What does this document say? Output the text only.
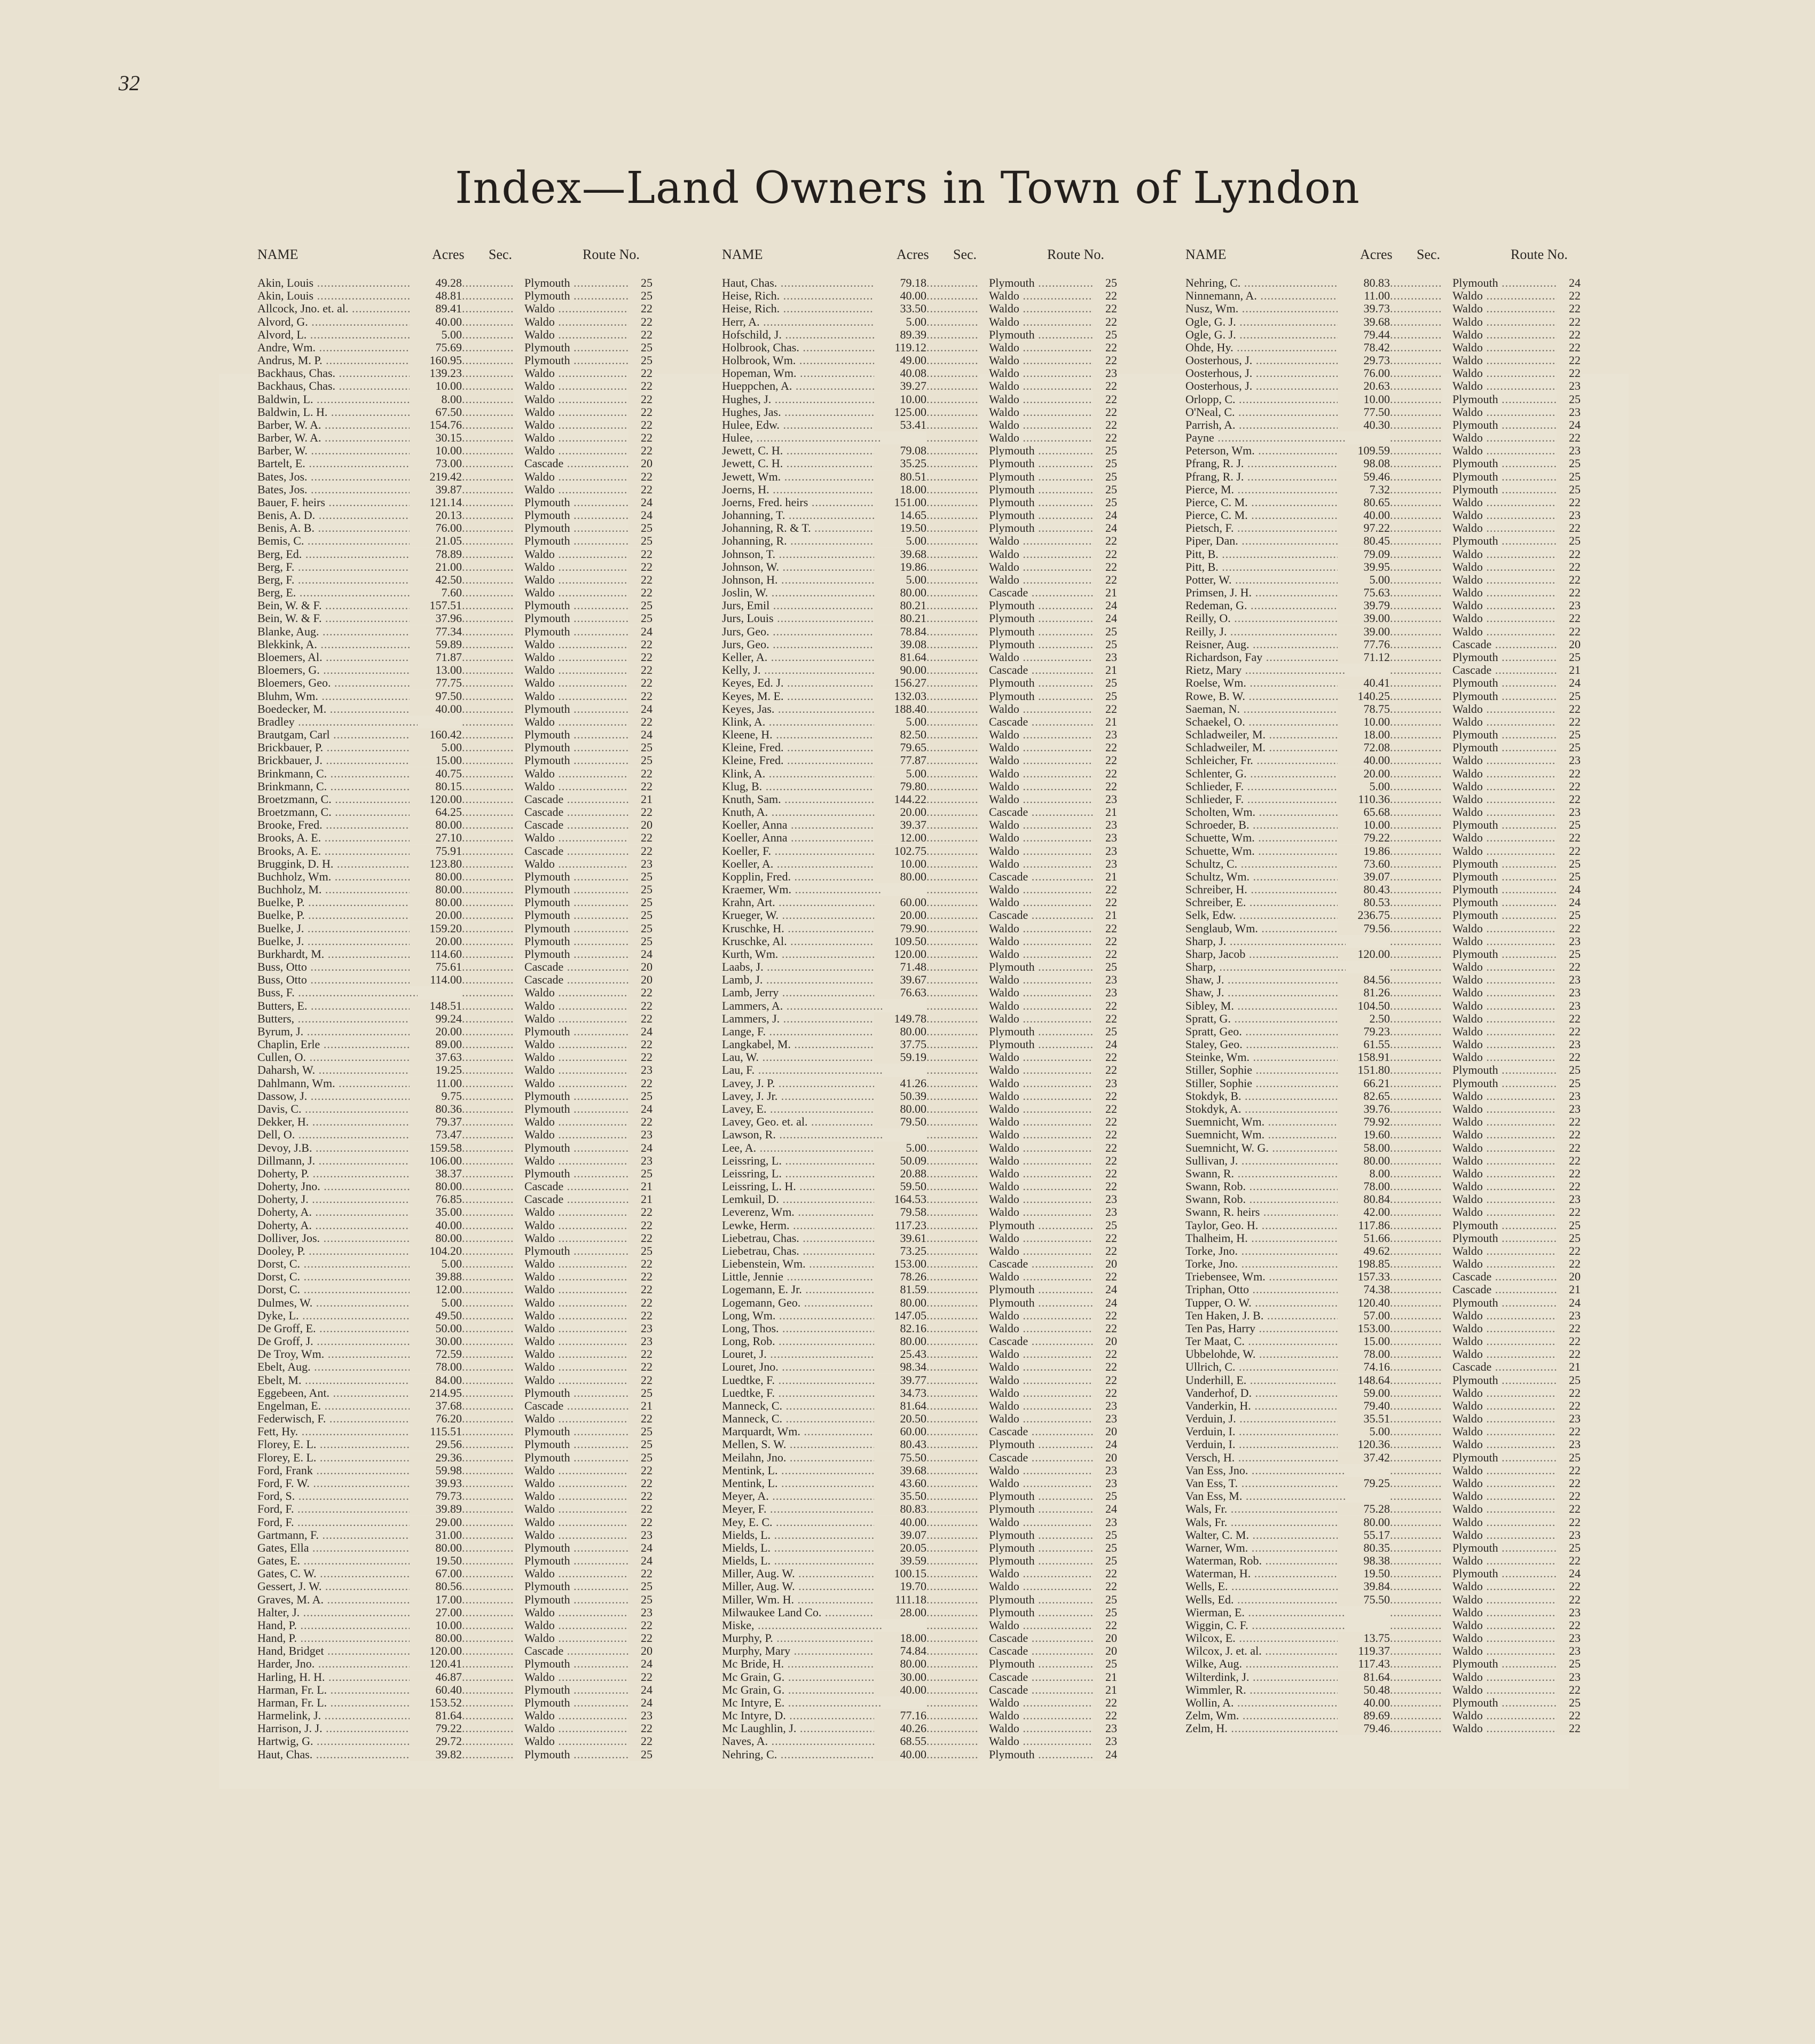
32
Index—Land Owners in Town of Lyndon
NAME	Acres Sec.	Route No.
Akin, Louis .....	49.28 .....	Plymouth .....	25
Akin, Louis .....	48.81 .....	Plymouth .....	25
Allcock, Jno. et. al. .....	89.41 .....	Waldo .....	22
Alvord, G. .....	40.00 .....	Waldo .....	22
Alvord, L. .....	5.00 .....	Waldo .....	22
Andre, Wm. .....	75.69 .....	Plymouth .....	25
Andrus, M. P. .....	160.95 .....	Plymouth .....	25
Backhaus, Chas. .....	139.23 .....	Waldo .....	22
Backhaus, Chas. .....	10.00 .....	Waldo .....	22
Baldwin, L. .....	8.00 .....	Waldo .....	22
Baldwin, L. H. .....	67.50 .....	Waldo .....	22
Barber, W. A. .....	154.76 .....	Waldo .....	22
Barber, W. A. .....	30.15 .....	Waldo .....	22
Barber, W. .....	10.00 .....	Waldo .....	22
Bartelt, E. .....	73.00 .....	Cascade .....	20
Bates, Jos. .....	219.42 .....	Waldo .....	22
Bates, Jos. .....	39.87 .....	Waldo .....	22
Bauer, F. heirs .....	121.14 .....	Plymouth .....	24
Benis, A. D. .....	20.13 .....	Plymouth .....	24
Benis, A. B. .....	76.00 .....	Plymouth .....	25
Bemis, C. .....	21.05 .....	Plymouth .....	25
Berg, Ed. .....	78.89 .....	Waldo .....	22
Berg, F. .....	21.00 .....	Waldo .....	22
Berg, F. .....	42.50 .....	Waldo .....	22
Berg, E. .....	7.60 .....	Waldo .....	22
Bein, W. & F. .....	157.51 .....	Plymouth .....	25
Bein, W. & F. .....	37.96 .....	Plymouth .....	25
Blanke, Aug. .....	77.34 .....	Plymouth .....	24
Blekkink, A. .....	59.89 .....	Waldo .....	22
Bloemers, Al. .....	71.87 .....	Waldo .....	22
Bloemers, G. .....	13.00 .....	Waldo .....	22
Bloemers, Geo. .....	77.75 .....	Waldo .....	22
Bluhm, Wm. .....	97.50 .....	Waldo .....	22
Boedecker, M. .....	40.00 .....	Plymouth .....	24
Bradley ..... .....	Waldo .....	22
Brautgam, Carl .....	160.42 .....	Plymouth .....	24
Brickbauer, P. .....	5.00 .....	Plymouth .....	25
Brickbauer, J. .....	15.00 .....	Plymouth .....	25
Brinkmann, C. .....	40.75 .....	Waldo .....	22
Brinkmann, C. .....	80.15 .....	Waldo .....	22
Broetzmann, C. .....	120.00 .....	Cascade .....	21
Broetzmann, C. .....	64.25 .....	Cascade .....	22
Brooke, Fred. .....	80.00 .....	Cascade .....	20
Brooks, A. E. .....	27.10 .....	Waldo .....	22
Brooks, A. E. .....	75.91 .....	Cascade .....	22
Bruggink, D. H. .....	123.80 .....	Waldo .....	23
Buchholz, Wm. .....	80.00 .....	Plymouth .....	25
Buchholz, M. .....	80.00 .....	Plymouth .....	25
Buelke, P. .....	80.00 .....	Plymouth .....	25
Buelke, P. .....	20.00 .....	Plymouth .....	25
Buelke, J. .....	159.20 .....	Plymouth .....	25
Buelke, J. .....	20.00 .....	Plymouth .....	25
Burkhardt, M. .....	114.60 .....	Plymouth .....	24
Buss, Otto .....	75.61 .....	Cascade .....	20
Buss, Otto .....	114.00 .....	Cascade .....	20
Buss, F. ..... .....	Waldo .....	22
Butters, E. .....	148.51 .....	Waldo .....	22
Butters, .....	99.24 .....	Waldo .....	22
Byrum, J. .....	20.00 .....	Plymouth .....	24
Chaplin, Erle .....	89.00 .....	Waldo .....	22
Cullen, O. .....	37.63 .....	Waldo .....	22
Daharsh, W. .....	19.25 .....	Waldo .....	23
Dahlmann, Wm. .....	11.00 .....	Waldo .....	22
Dassow, J. .....	9.75 .....	Plymouth .....	25
Davis, C. .....	80.36 .....	Plymouth .....	24
Dekker, H. .....	79.37 .....	Waldo .....	22
Dell, O. .....	73.47 .....	Waldo .....	23
Devoy, J.B. .....	159.58 .....	Plymouth .....	24
Dillmann, J. .....	106.00 .....	Waldo .....	23
Doherty, P. .....	38.37 .....	Plymouth .....	25
Doherty, Jno. .....	80.00 .....	Cascade .....	21
Doherty, J. .....	76.85 .....	Cascade .....	21
Doherty, A. .....	35.00 .....	Waldo .....	22
Doherty, A. .....	40.00 .....	Waldo .....	22
Dolliver, Jos. .....	80.00 .....	Waldo .....	22
Dooley, P. .....	104.20 .....	Plymouth .....	25
Dorst, C. .....	5.00 .....	Waldo .....	22
Dorst, C. .....	39.88 .....	Waldo .....	22
Dorst, C. .....	12.00 .....	Waldo .....	22
Dulmes, W. .....	5.00 .....	Waldo .....	22
Dyke, L. .....	49.50 .....	Waldo .....	22
De Groff, E. .....	50.00 .....	Waldo .....	23
De Groff, J. .....	30.00 .....	Waldo .....	23
De Troy, Wm. .....	72.59 .....	Waldo .....	22
Ebelt, Aug. .....	78.00 .....	Waldo .....	22
Ebelt, M. .....	84.00 .....	Waldo .....	22
Eggebeen, Ant. .....	214.95 .....	Plymouth .....	25
Engelman, E. .....	37.68 .....	Cascade .....	21
Federwisch, F. .....	76.20 .....	Waldo .....	22
Fett, Hy. .....	115.51 .....	Plymouth .....	25
Florey, E. L. .....	29.56 .....	Plymouth .....	25
Florey, E. L. .....	29.36 .....	Plymouth .....	25
Ford, Frank .....	59.98 .....	Waldo .....	22
Ford, F. W. .....	39.93 .....	Waldo .....	22
Ford, S. .....	79.73 .....	Waldo .....	22
Ford, F. .....	39.89 .....	Waldo .....	22
Ford, F. .....	29.00 .....	Waldo .....	22
Gartmann, F. .....	31.00 .....	Waldo .....	23
Gates, Ella .....	80.00 .....	Plymouth .....	24
Gates, E. .....	19.50 .....	Plymouth .....	24
Gates, C. W. .....	67.00 .....	Waldo .....	22
Gessert, J. W. .....	80.56 .....	Plymouth .....	25
Graves, M. A. .....	17.00 .....	Plymouth .....	25
Halter, J. .....	27.00 .....	Waldo .....	23
Hand, P. .....	10.00 .....	Waldo .....	22
Hand, P. .....	80.00 .....	Waldo .....	22
Hand, Bridget .....	120.00 .....	Cascade .....	20
Harder, Jno. .....	120.41 .....	Plymouth .....	24
Harling, H. H. .....	46.87 .....	Waldo .....	22
Harman, Fr. L. .....	60.40 .....	Plymouth .....	24
Harman, Fr. L. .....	153.52 .....	Plymouth .....	24
Harmelink, J. .....	81.64 .....	Waldo .....	23
Harrison, J. J. .....	79.22 .....	Waldo .....	22
Hartwig, G. .....	29.72 .....	Waldo .....	22
Haut, Chas. .....	39.82 .....	Plymouth .....	25
NAME	Acres Sec.	Route No.
Haut, Chas. .....	79.18 .....	Plymouth .....	25
Heise, Rich. .....	40.00 .....	Waldo .....	22
Heise, Rich. .....	33.50 .....	Waldo .....	22
Herr, A. .....	5.00 .....	Waldo .....	22
Hofschild, J. .....	89.39 .....	Plymouth .....	25
Holbrook, Chas. .....	119.12 .....	Waldo .....	22
Holbrook, Wm. .....	49.00 .....	Waldo .....	22
Hopeman, Wm. .....	40.08 .....	Waldo .....	23
Hueppchen, A. .....	39.27 .....	Waldo .....	22
Hughes, J. .....	10.00 .....	Waldo .....	22
Hughes, Jas. .....	125.00 .....	Waldo .....	22
Hulee, Edw. .....	53.41 .....	Waldo .....	22
Hulee, ..... .....	Waldo .....	22
Jewett, C. H. .....	79.08 .....	Plymouth .....	25
Jewett, C. H. .....	35.25 .....	Plymouth .....	25
Jewett, Wm. .....	80.51 .....	Plymouth .....	25
Joerns, H. .....	18.00 .....	Plymouth .....	25
Joerns, Fred. heirs .....	151.00 .....	Plymouth .....	25
Johanning, T. .....	14.65 .....	Plymouth .....	24
Johanning, R. & T. .....	19.50 .....	Plymouth .....	24
Johanning, R. .....	5.00 .....	Waldo .....	22
Johnson, T. .....	39.68 .....	Waldo .....	22
Johnson, W. .....	19.86 .....	Waldo .....	22
Johnson, H. .....	5.00 .....	Waldo .....	22
Joslin, W. .....	80.00 .....	Cascade .....	21
Jurs, Emil .....	80.21 .....	Plymouth .....	24
Jurs, Louis .....	80.21 .....	Plymouth .....	24
Jurs, Geo. .....	78.84 .....	Plymouth .....	25
Jurs, Geo. .....	39.08 .....	Plymouth .....	25
Keller, A. .....	81.64 .....	Waldo .....	23
Kelly, J. .....	90.00 .....	Cascade .....	21
Keyes, Ed. J. .....	156.27 .....	Plymouth .....	25
Keyes, M. E. .....	132.03 .....	Plymouth .....	25
Keyes, Jas. .....	188.40 .....	Waldo .....	22
Klink, A. .....	5.00 .....	Cascade .....	21
Kleene, H. .....	82.50 .....	Waldo .....	23
Kleine, Fred. .....	79.65 .....	Waldo .....	22
Kleine, Fred. .....	77.87 .....	Waldo .....	22
Klink, A. .....	5.00 .....	Waldo .....	22
Klug, B. .....	79.80 .....	Waldo .....	22
Knuth, Sam. .....	144.22 .....	Waldo .....	23
Knuth, A. .....	20.00 .....	Cascade .....	21
Koeller, Anna .....	39.37 .....	Waldo .....	23
Koeller, Anna .....	12.00 .....	Waldo .....	23
Koeller, F. .....	102.75 .....	Waldo .....	23
Koeller, A. .....	10.00 .....	Waldo .....	23
Kopplin, Fred. .....	80.00 .....	Cascade .....	21
Kraemer, Wm. ..... .....	Waldo .....	22
Krahn, Art. .....	60.00 .....	Waldo .....	22
Krueger, W. .....	20.00 .....	Cascade .....	21
Kruschke, H. .....	79.90 .....	Waldo .....	22
Kruschke, Al. .....	109.50 .....	Waldo .....	22
Kurth, Wm. .....	120.00 .....	Waldo .....	22
Laabs, J. .....	71.48 .....	Plymouth .....	25
Lamb, J. .....	39.67 .....	Waldo .....	23
Lamb, Jerry .....	76.63 .....	Waldo .....	23
Lammers, A. ..... .....	Waldo .....	22
Lammers, J. .....	149.78 .....	Waldo .....	22
Lange, F. .....	80.00 .....	Plymouth .....	25
Langkabel, M. .....	37.75 .....	Plymouth .....	24
Lau, W. .....	59.19 .....	Waldo .....	22
Lau, F. ..... .....	Waldo .....	22
Lavey, J. P. .....	41.26 .....	Waldo .....	23
Lavey, J. Jr. .....	50.39 .....	Waldo .....	22
Lavey, E. .....	80.00 .....	Waldo .....	22
Lavey, Geo. et. al. .....	79.50 .....	Waldo .....	22
Lawson, R. ..... .....	Waldo .....	22
Lee, A. .....	5.00 .....	Waldo .....	22
Leissring, L. .....	50.09 .....	Waldo .....	22
Leissring, L. .....	20.88 .....	Waldo .....	22
Leissring, L. H. .....	59.50 .....	Waldo .....	22
Lemkuil, D. .....	164.53 .....	Waldo .....	23
Leverenz, Wm. .....	79.58 .....	Waldo .....	23
Lewke, Herm. .....	117.23 .....	Plymouth .....	25
Liebetrau, Chas. .....	39.61 .....	Waldo .....	22
Liebetrau, Chas. .....	73.25 .....	Waldo .....	22
Liebenstein, Wm. .....	153.00 .....	Cascade .....	20
Little, Jennie .....	78.26 .....	Waldo .....	22
Logemann, E. Jr. .....	81.59 .....	Plymouth .....	24
Logemann, Geo. .....	80.00 .....	Plymouth .....	24
Long, Wm. .....	147.05 .....	Waldo .....	22
Long, Thos. .....	82.16 .....	Waldo .....	22
Long, Rob. .....	80.00 .....	Cascade .....	20
Louret, J. .....	25.43 .....	Waldo .....	22
Louret, Jno. .....	98.34 .....	Waldo .....	22
Luedtke, F. .....	39.77 .....	Waldo .....	22
Luedtke, F. .....	34.73 .....	Waldo .....	22
Manneck, C. .....	81.64 .....	Waldo .....	23
Manneck, C. .....	20.50 .....	Waldo .....	23
Marquardt, Wm. .....	60.00 .....	Cascade .....	20
Mellen, S. W. .....	80.43 .....	Plymouth .....	24
Meilahn, Jno. .....	75.50 .....	Cascade .....	20
Mentink, L. .....	39.68 .....	Waldo .....	23
Mentink, L. .....	43.60 .....	Waldo .....	23
Meyer, A. .....	35.50 .....	Plymouth .....	25
Meyer, F. .....	80.83 .....	Plymouth .....	24
Mey, E. C. .....	40.00 .....	Waldo .....	23
Mields, L. .....	39.07 .....	Plymouth .....	25
Mields, L. .....	20.05 .....	Plymouth .....	25
Mields, L. .....	39.59 .....	Plymouth .....	25
Miller, Aug. W. .....	100.15 .....	Waldo .....	22
Miller, Aug. W. .....	19.70 .....	Waldo .....	22
Miller, Wm. H. .....	111.18 .....	Plymouth .....	25
Milwaukee Land Co. .....	28.00 .....	Plymouth .....	25
Miske, ..... .....	Waldo .....	22
Murphy, P. .....	18.00 .....	Cascade .....	20
Murphy, Mary .....	74.84 .....	Cascade .....	20
Mc Bride, H. .....	80.00 .....	Plymouth .....	25
Mc Grain, G. .....	30.00 .....	Cascade .....	21
Mc Grain, G. .....	40.00 .....	Cascade .....	21
Mc Intyre, E. ..... .....	Waldo .....	22
Mc Intyre, D. .....	77.16 .....	Waldo .....	22
Mc Laughlin, J. .....	40.26 .....	Waldo .....	23
Naves, A. .....	68.55 .....	Waldo .....	23
Nehring, C. .....	40.00 .....	Plymouth .....	24
NAME	Acres Sec.	Route No.
Nehring, C. .....	80.83 .....	Plymouth .....	24
Ninnemann, A. .....	11.00 .....	Waldo .....	22
Nusz, Wm. .....	39.73 .....	Waldo .....	22
Ogle, G. J. .....	39.68 .....	Waldo .....	22
Ogle, G. J. .....	79.44 .....	Waldo .....	22
Ohde, Hy. .....	78.42 .....	Waldo .....	22
Oosterhous, J. .....	29.73 .....	Waldo .....	22
Oosterhous, J. .....	76.00 .....	Waldo .....	22
Oosterhous, J. .....	20.63 .....	Waldo .....	23
Orlopp, C. .....	10.00 .....	Plymouth .....	25
O'Neal, C. .....	77.50 .....	Waldo .....	23
Parrish, A. .....	40.30 .....	Plymouth .....	24
Payne ..... .....	Waldo .....	22
Peterson, Wm. .....	109.59 .....	Waldo .....	23
Pfrang, R. J. .....	98.08 .....	Plymouth .....	25
Pfrang, R. J. .....	59.46 .....	Plymouth .....	25
Pierce, M. .....	7.32 .....	Plymouth .....	25
Pierce, C. M. .....	80.65 .....	Waldo .....	22
Pierce, C. M. .....	40.00 .....	Waldo .....	23
Pietsch, F. .....	97.22 .....	Waldo .....	22
Piper, Dan. .....	80.45 .....	Plymouth .....	25
Pitt, B. .....	79.09 .....	Waldo .....	22
Pitt, B. .....	39.95 .....	Waldo .....	22
Potter, W. .....	5.00 .....	Waldo .....	22
Primsen, J. H. .....	75.63 .....	Waldo .....	22
Redeman, G. .....	39.79 .....	Waldo .....	23
Reilly, O. .....	39.00 .....	Waldo .....	22
Reilly, J. .....	39.00 .....	Waldo .....	22
Reisner, Aug. .....	77.76 .....	Cascade .....	20
Richardson, Fay .....	71.12 .....	Plymouth .....	25
Rietz, Mary ..... .....	Cascade .....	21
Roelse, Wm. .....	40.41 .....	Plymouth .....	24
Rowe, B. W. .....	140.25 .....	Plymouth .....	25
Saeman, N. .....	78.75 .....	Waldo .....	22
Schaekel, O. .....	10.00 .....	Waldo .....	22
Schladweiler, M. .....	18.00 .....	Plymouth .....	25
Schladweiler, M. .....	72.08 .....	Plymouth .....	25
Schleicher, Fr. .....	40.00 .....	Waldo .....	23
Schlenter, G. .....	20.00 .....	Waldo .....	22
Schlieder, F. .....	5.00 .....	Waldo .....	22
Schlieder, F. .....	110.36 .....	Waldo .....	22
Scholten, Wm. .....	65.68 .....	Waldo .....	23
Schroeder, B. .....	10.00 .....	Plymouth .....	25
Schuette, Wm. .....	79.22 .....	Waldo .....	22
Schuette, Wm. .....	19.86 .....	Waldo .....	22
Schultz, C. .....	73.60 .....	Plymouth .....	25
Schultz, Wm. .....	39.07 .....	Plymouth .....	25
Schreiber, H. .....	80.43 .....	Plymouth .....	24
Schreiber, E. .....	80.53 .....	Plymouth .....	24
Selk, Edw. .....	236.75 .....	Plymouth .....	25
Senglaub, Wm. .....	79.56 .....	Waldo .....	22
Sharp, J. ..... .....	Waldo .....	23
Sharp, Jacob .....	120.00 .....	Plymouth .....	25
Sharp, ..... .....	Waldo .....	22
Shaw, J. .....	84.56 .....	Waldo .....	23
Shaw, J. .....	81.26 .....	Waldo .....	23
Sibley, M. .....	104.50 .....	Waldo .....	23
Spratt, G. .....	2.50 .....	Waldo .....	22
Spratt, Geo. .....	79.23 .....	Waldo .....	22
Staley, Geo. .....	61.55 .....	Waldo .....	23
Steinke, Wm. .....	158.91 .....	Waldo .....	22
Stiller, Sophie .....	151.80 .....	Plymouth .....	25
Stiller, Sophie .....	66.21 .....	Plymouth .....	25
Stokdyk, B. .....	82.65 .....	Waldo .....	23
Stokdyk, A. .....	39.76 .....	Waldo .....	23
Suemnicht, Wm. .....	79.92 .....	Waldo .....	22
Suemnicht, Wm. .....	19.60 .....	Waldo .....	22
Suemnicht, W. G. .....	58.00 .....	Waldo .....	22
Sullivan, J. .....	80.00 .....	Waldo .....	22
Swann, R. .....	8.00 .....	Waldo .....	22
Swann, Rob. .....	78.00 .....	Waldo .....	22
Swann, Rob. .....	80.84 .....	Waldo .....	23
Swann, R. heirs .....	42.00 .....	Waldo .....	22
Taylor, Geo. H. .....	117.86 .....	Plymouth .....	25
Thalheim, H. .....	51.66 .....	Plymouth .....	25
Torke, Jno. .....	49.62 .....	Waldo .....	22
Torke, Jno. .....	198.85 .....	Waldo .....	22
Triebensee, Wm. .....	157.33 .....	Cascade .....	20
Triphan, Otto .....	74.38 .....	Cascade .....	21
Tupper, O. W. .....	120.40 .....	Plymouth .....	24
Ten Haken, J. B. .....	57.00 .....	Waldo .....	23
Ten Pas, Harry .....	153.00 .....	Waldo .....	22
Ter Maat, C. .....	15.00 .....	Waldo .....	22
Ubbelohde, W. .....	78.00 .....	Waldo .....	22
Ullrich, C. .....	74.16 .....	Cascade .....	21
Underhill, E. .....	148.64 .....	Plymouth .....	25
Vanderhof, D. .....	59.00 .....	Waldo .....	22
Vanderkin, H. .....	79.40 .....	Waldo .....	22
Verduin, J. .....	35.51 .....	Waldo .....	23
Verduin, I. .....	5.00 .....	Waldo .....	22
Verduin, I. .....	120.36 .....	Waldo .....	23
Versch, H. .....	37.42 .....	Plymouth .....	25
Van Ess, Jno. ..... .....	Waldo .....	22
Van Ess, T. .....	79.25 .....	Waldo .....	22
Van Ess, M. ..... .....	Waldo .....	22
Wals, Fr. .....	75.28 .....	Waldo .....	22
Wals, Fr. .....	80.00 .....	Waldo .....	22
Walter, C. M. .....	55.17 .....	Waldo .....	23
Warner, Wm. .....	80.35 .....	Plymouth .....	25
Waterman, Rob. .....	98.38 .....	Waldo .....	22
Waterman, H. .....	19.50 .....	Plymouth .....	24
Wells, E. .....	39.84 .....	Waldo .....	22
Wells, Ed. .....	75.50 .....	Waldo .....	22
Wierman, E. ..... .....	Waldo .....	23
Wiggin, C. F. ..... .....	Waldo .....	22
Wilcox, E. .....	13.75 .....	Waldo .....	23
Wilcox, J. et. al. .....	119.37 .....	Waldo .....	23
Wilke, Aug. .....	117.43 .....	Plymouth .....	25
Wilterdink, J. .....	81.64 .....	Waldo .....	23
Wimmler, R. .....	50.48 .....	Waldo .....	22
Wollin, A. .....	40.00 .....	Plymouth .....	25
Zelm, Wm. .....	89.69 .....	Waldo .....	22
Zelm, H. .....	79.46 .....	Waldo .....	22
